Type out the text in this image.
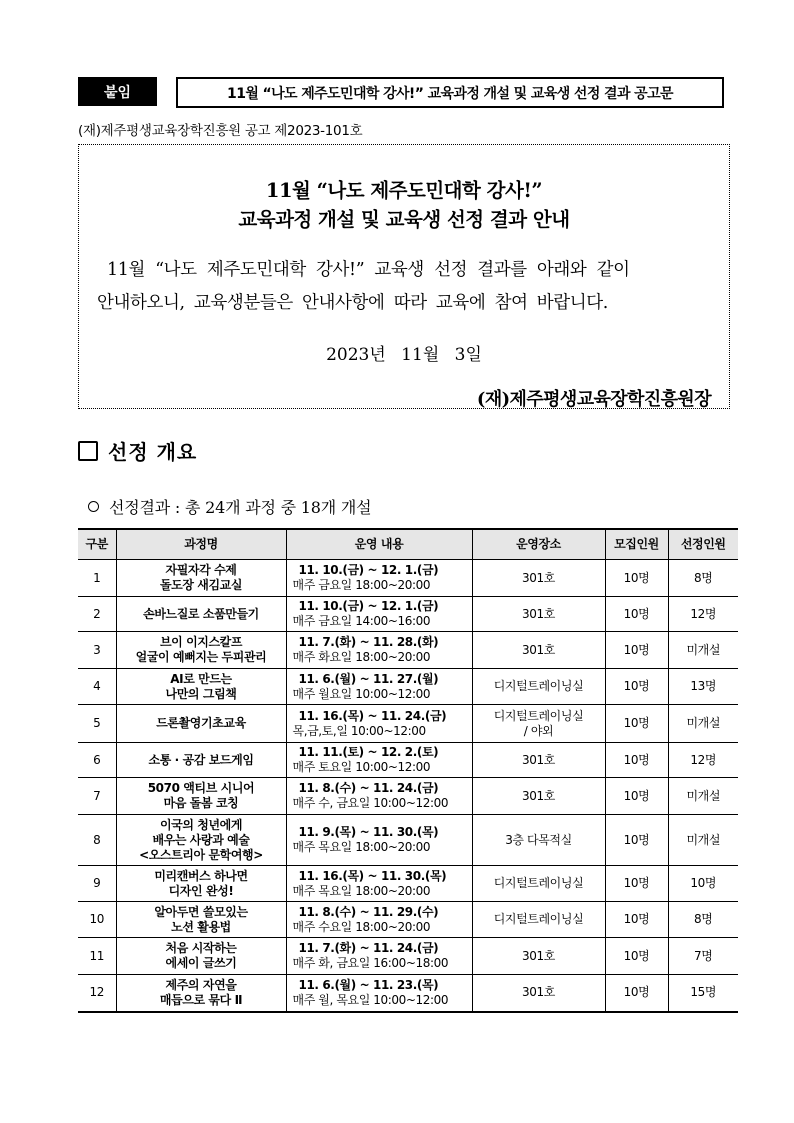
붙임	11월 “나도 제주도민대학 강사!” 교육과정 개설 및 교육생 선정 결과 공고문
(재)제주평생교육장학진흥원 공고 제2023-101호
11월 “나도 제주도민대학 강사!”
교육과정 개설 및 교육생 선정 결과 안내
11월 “나도 제주도민대학 강사!” 교육생 선정 결과를 아래와 같이
안내하오니, 교육생분들은 안내사항에 따라 교육에 참여 바랍니다.
2023년 11월 3일
(재)제주평생교육장학진흥원장
선정 개요
선정결과 : 총 24개 과정 중 18개 개설
구분	과정명	운영 내용	운영장소	모집인원	선정인원

1	자필자각 수제
돌도장 새김교실	11. 10.(금) ~ 12. 1.(금)
매주 금요일 18:00~20:00	301호	10명	8명

2	손바느질로 소품만들기	11. 10.(금) ~ 12. 1.(금)
매주 금요일 14:00~16:00	301호	10명	12명

3	브이 이지스칼프
얼굴이 예뻐지는 두피관리	11. 7.(화) ~ 11. 28.(화)
매주 화요일 18:00~20:00	301호	10명	미개설

4	AI로 만드는
나만의 그림책	11. 6.(월) ~ 11. 27.(월)
매주 월요일 10:00~12:00	디지털트레이닝실	10명	13명

5	드론촬영기초교육	11. 16.(목) ~ 11. 24.(금)
목,금,토,일 10:00~12:00	디지털트레이닝실
/ 야외	10명	미개설

6	소통 · 공감 보드게임	11. 11.(토) ~ 12. 2.(토)
매주 토요일 10:00~12:00	301호	10명	12명

7	5070 액티브 시니어
마음 돌봄 코칭	11. 8.(수) ~ 11. 24.(금)
매주 수, 금요일 10:00~12:00	301호	10명	미개설

8	이국의 청년에게
배우는 사랑과 예술
<오스트리아 문학여행>	11. 9.(목) ~ 11. 30.(목)
매주 목요일 18:00~20:00	3층 다목적실	10명	미개설

9	미리캔버스 하나면
디자인 완성!	11. 16.(목) ~ 11. 30.(목)
매주 목요일 18:00~20:00	디지털트레이닝실	10명	10명

10	알아두면 쓸모있는
노션 활용법	11. 8.(수) ~ 11. 29.(수)
매주 수요일 18:00~20:00	디지털트레이닝실	10명	8명

11	처음 시작하는
에세이 글쓰기	11. 7.(화) ~ 11. 24.(금)
매주 화, 금요일 16:00~18:00	301호	10명	7명

12	제주의 자연을
매듭으로 묶다 Ⅱ	11. 6.(월) ~ 11. 23.(목)
매주 월, 목요일 10:00~12:00	301호	10명	15명
